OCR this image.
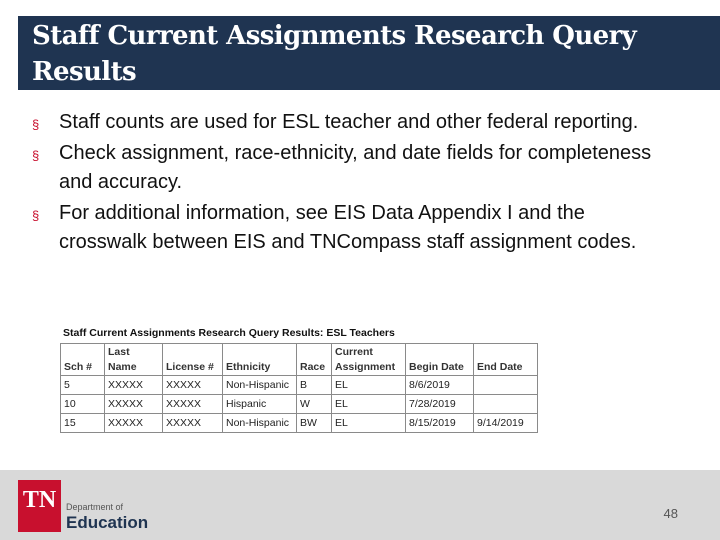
Staff Current Assignments Research Query Results
§ Staff counts are used for ESL teacher and other federal reporting.
§ Check assignment, race-ethnicity, and date fields for completeness and accuracy.
§ For additional information, see EIS Data Appendix I and the crosswalk between EIS and TNCompass staff assignment codes.
Staff Current Assignments Research Query Results: ESL Teachers
	Last				Current		
Sch #	Name	License #	Ethnicity	Race	Assignment	Begin Date	End Date
5	XXXXX	XXXXX	Non-Hispanic	B	EL	8/6/2019	
10	XXXXX	XXXXX	Hispanic	W	EL	7/28/2019	
15	XXXXX	XXXXX	Non-Hispanic	BW	EL	8/15/2019	9/14/2019
TN	Department of
Education	48
